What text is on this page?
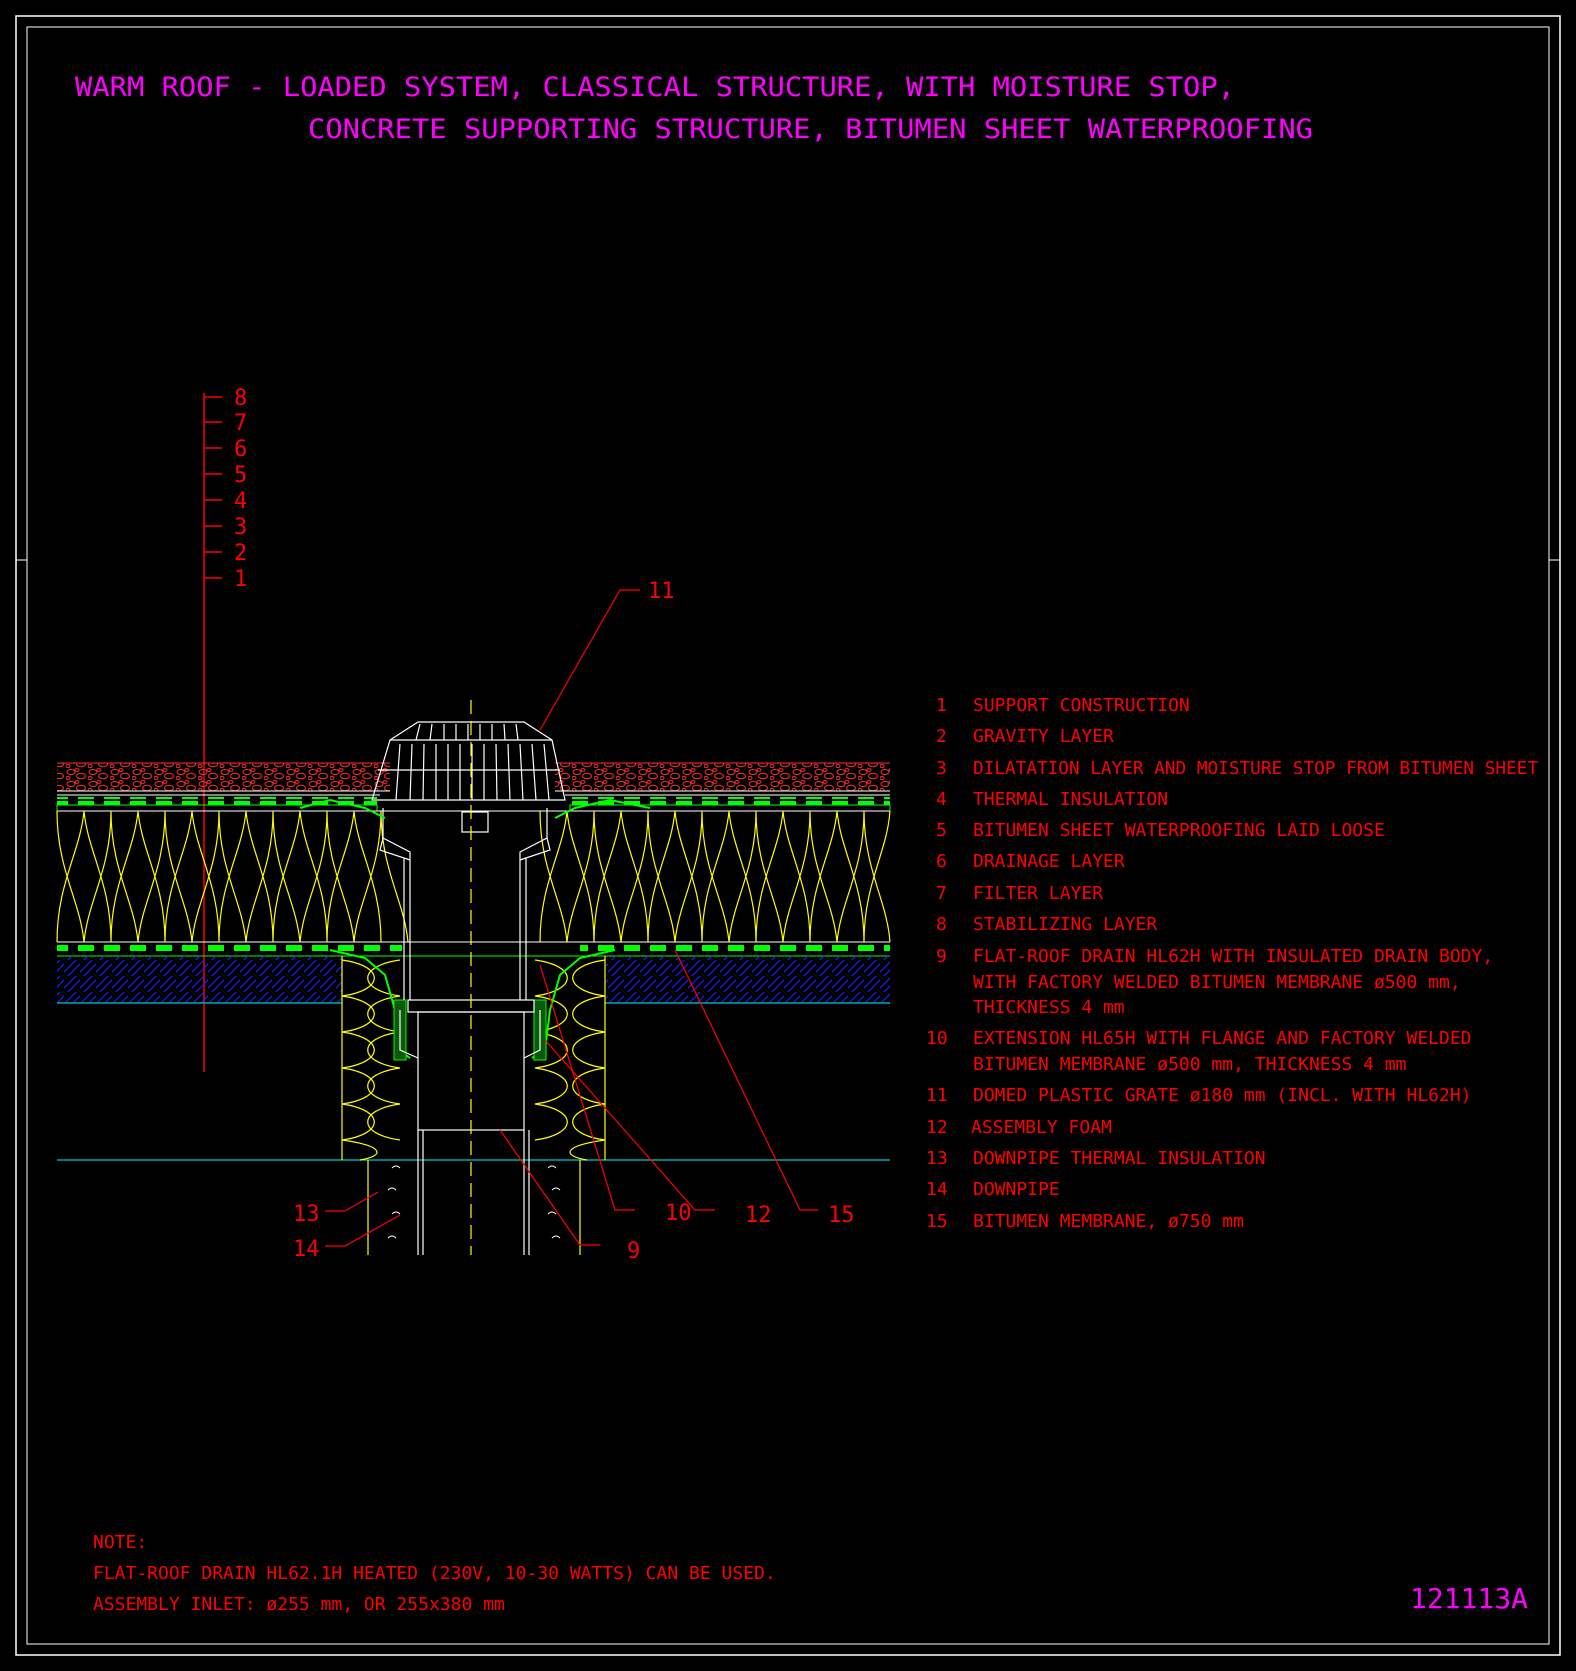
WARM ROOF - LOADED SYSTEM, CLASSICAL STRUCTURE, WITH MOISTURE STOP,
CONCRETE SUPPORTING STRUCTURE, BITUMEN SHEET WATERPROOFING
8
7
6
5
4
3
2
1	11
10 12	15
13
14	9
1 SUPPORT CONSTRUCTION
2 GRAVITY LAYER
3 DILATATION LAYER AND MOISTURE STOP FROM BITUMEN SHEET
4 THERMAL INSULATION
5 BITUMEN SHEET WATERPROOFING LAID LOOSE
6 DRAINAGE LAYER
7 FILTER LAYER
8 STABILIZING LAYER
9 FLAT-ROOF DRAIN HL62H WITH INSULATED DRAIN BODY,
WITH FACTORY WELDED BITUMEN MEMBRANE ø500 mm,
THICKNESS 4 mm
10 EXTENSION HL65H WITH FLANGE AND FACTORY WELDED
BITUMEN MEMBRANE ø500 mm, THICKNESS 4 mm
11 DOMED PLASTIC GRATE ø180 mm (INCL. WITH HL62H)
12 ASSEMBLY FOAM
13 DOWNPIPE THERMAL INSULATION
14 DOWNPIPE
15 BITUMEN MEMBRANE, ø750 mm
NOTE:
FLAT-ROOF DRAIN HL62.1H HEATED (230V, 10-30 WATTS) CAN BE USED.
ASSEMBLY INLET: ø255 mm, OR 255x380 mm	121113A
